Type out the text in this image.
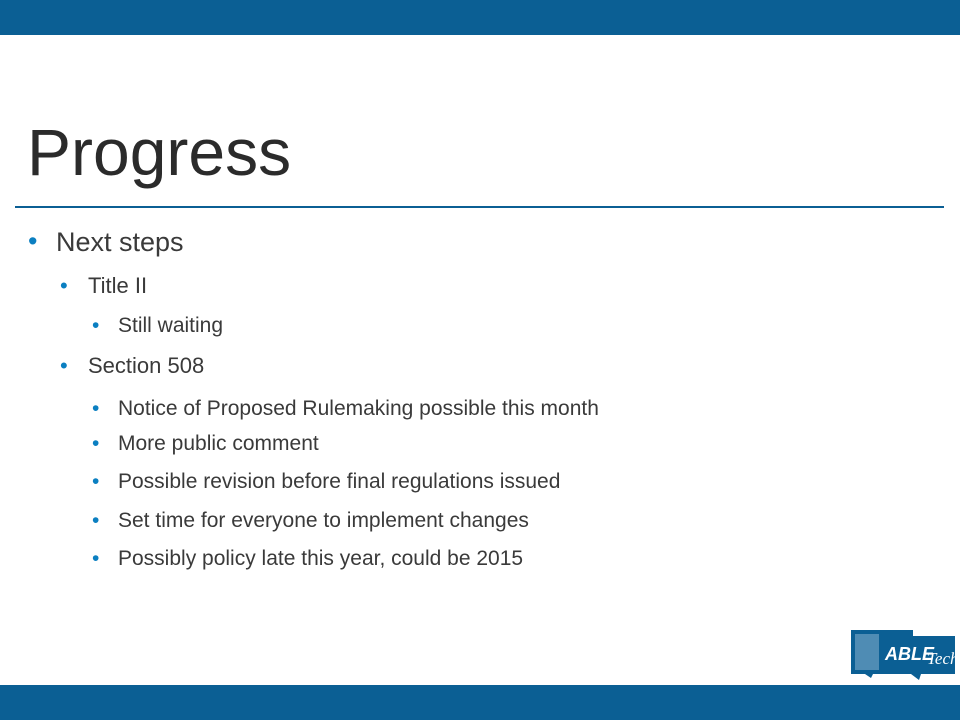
Progress
• Next steps
• Title II
• Still waiting
• Section 508
• Notice of Proposed Rulemaking possible this month
• More public comment
• Possible revision before final regulations issued
• Set time for everyone to implement changes
• Possibly policy late this year, could be 2015
ABLE
Tech
